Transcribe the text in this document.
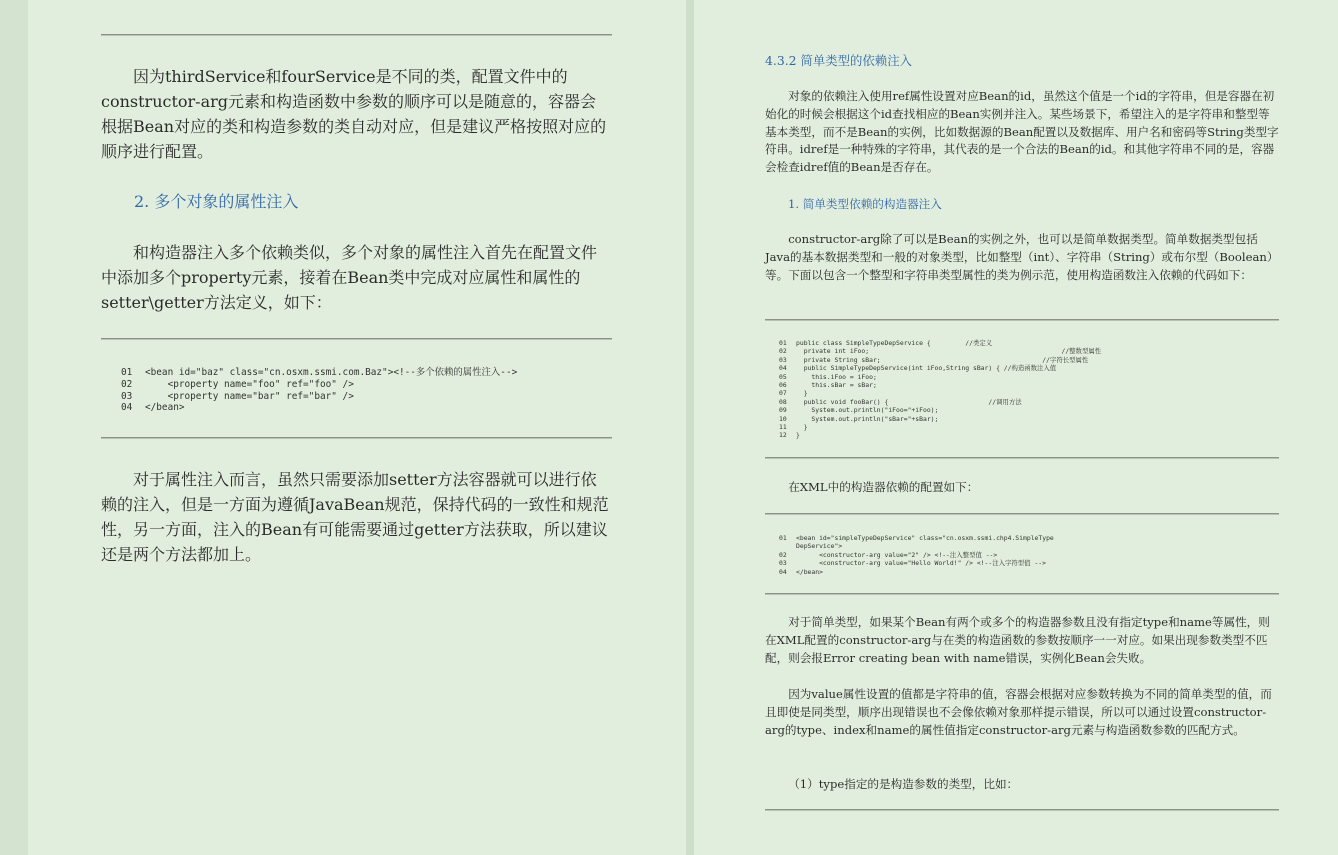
因为thirdService和fourService是不同的类，配置文件中的constructor-arg元素和构造函数中参数的顺序可以是随意的，容器会根据Bean对应的类和构造参数的类自动对应，但是建议严格按照对应的顺序进行配置。

2. 多个对象的属性注入

和构造器注入多个依赖类似，多个对象的属性注入首先在配置文件中添加多个property元素，接着在Bean类中完成对应属性和属性的setter\getter方法定义，如下：

01 <bean id="baz" class="cn.osxm.ssmi.com.Baz"><!--多个依赖的属性注入-->
02    <property name="foo" ref="foo" />
03    <property name="bar" ref="bar" />
04 </bean>

对于属性注入而言，虽然只需要添加setter方法容器就可以进行依赖的注入，但是一方面为遵循JavaBean规范，保持代码的一致性和规范性，另一方面，注入的Bean有可能需要通过getter方法获取，所以建议还是两个方法都加上。

4.3.2 简单类型的依赖注入

对象的依赖注入使用ref属性设置对应Bean的id，虽然这个值是一个id的字符串，但是容器在初始化的时候会根据这个id查找相应的Bean实例并注入。某些场景下，希望注入的是字符串和整型等基本类型，而不是Bean的实例，比如数据源的Bean配置以及数据库、用户名和密码等String类型字符串。idref是一种特殊的字符串，其代表的是一个合法的Bean的id。和其他字符串不同的是，容器会检查idref值的Bean是否存在。

1. 简单类型依赖的构造器注入

constructor-arg除了可以是Bean的实例之外，也可以是简单数据类型。简单数据类型包括Java的基本数据类型和一般的对象类型，比如整型（int）、字符串（String）或布尔型（Boolean）等。下面以包含一个整型和字符串类型属性的类为例示范，使用构造函数注入依赖的代码如下：

01 public class SimpleTypeDepService {         //类定义
02  private int iFoo;                                                  //整数型属性
03  private String sBar;                                          //字符长型属性
04  public SimpleTypeDepService(int iFoo,String sBar) { //构造函数注入值
05    this.iFoo = iFoo;
06    this.sBar = sBar;
07  }
08  public void fooBar() {                          //调用方法
09    System.out.println("iFoo="+iFoo);
10    System.out.println("sBar="+sBar);
11  }
12 }

在XML中的构造器依赖的配置如下：

01 <bean id="simpleTypeDepService" class="cn.osxm.ssmi.chp4.SimpleType
DepService">
02      <constructor-arg value="2" /> <!--注入整型值 -->
03      <constructor-arg value="Hello World!" /> <!--注入字符型值 -->
04 </bean>

对于简单类型，如果某个Bean有两个或多个的构造器参数且没有指定type和name等属性，则在XML配置的constructor-arg与在类的构造函数的参数按顺序一一对应。如果出现参数类型不匹配，则会报Error creating bean with name错误，实例化Bean会失败。

因为value属性设置的值都是字符串的值，容器会根据对应参数转换为不同的简单类型的值，而且即使是同类型，顺序出现错误也不会像依赖对象那样提示错误，所以可以通过设置constructor-arg的type、index和name的属性值指定constructor-arg元素与构造函数参数的匹配方式。

（1）type指定的是构造参数的类型，比如：
